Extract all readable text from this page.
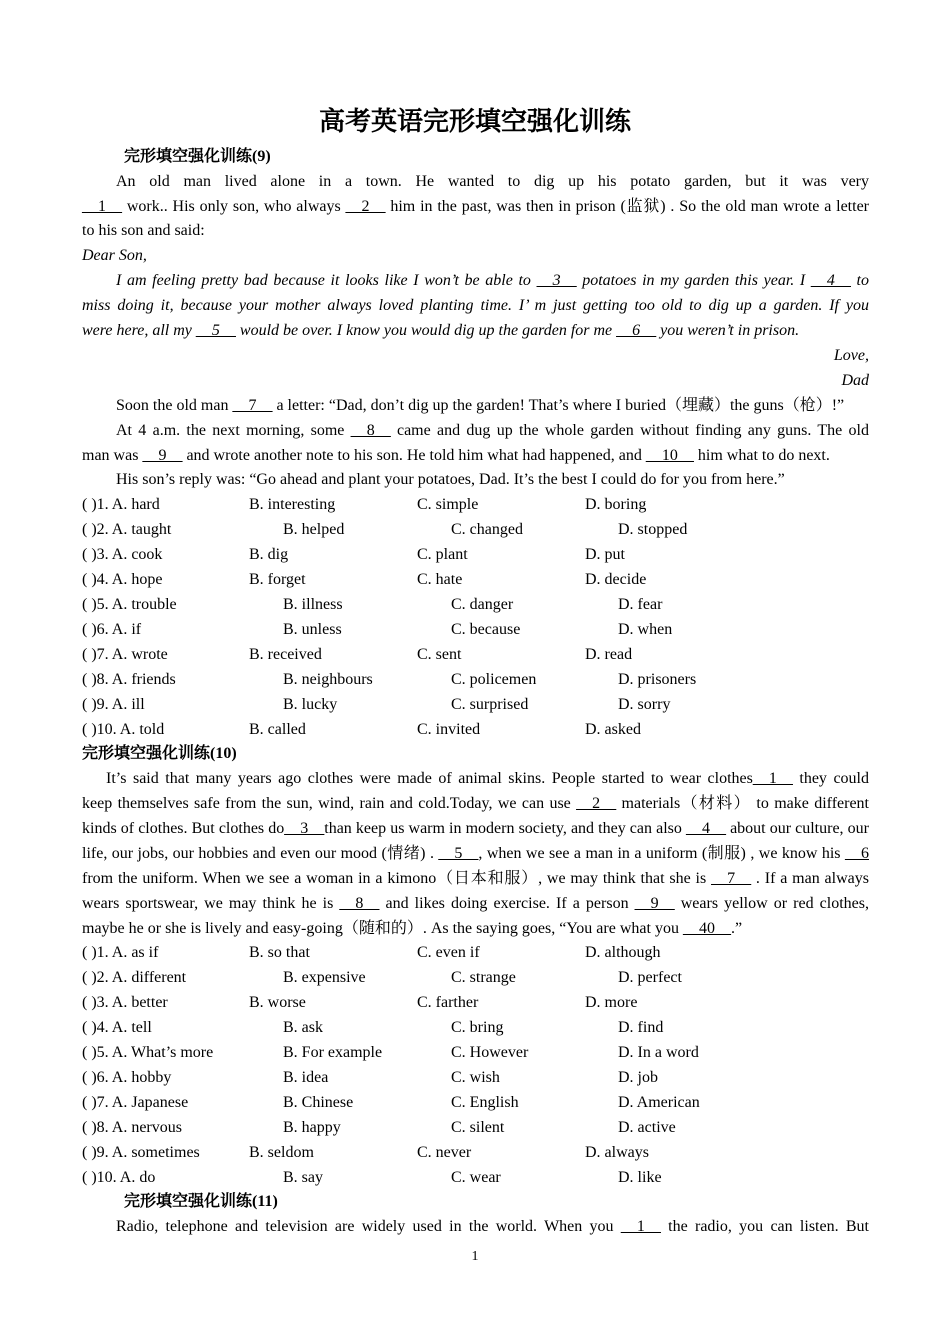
高考英语完形填空强化训练
完形填空强化训练(9)
An old man lived alone in a town. He wanted to dig up his potato garden, but it was very
__1__ work.. His only son, who always __2__ him in the past, was then in prison (监狱) . So the old man wrote a letter
to his son and said:
Dear Son,
I am feeling pretty bad because it looks like I won’t be able to __3__ potatoes in my garden this year. I __4__ to
miss doing it, because your mother always loved planting time. I’ m just getting too old to dig up a garden. If you
were here, all my __5__ would be over. I know you would dig up the garden for me __6__ you weren’t in prison.
Love,
Dad
Soon the old man __7__ a letter: “Dad, don’t dig up the garden! That’s where I buried（埋藏）the guns（枪）!”
At 4 a.m. the next morning, some __8__ came and dug up the whole garden without finding any guns. The old
man was __9__ and wrote another note to his son. He told him what had happened, and __10__ him what to do next.
His son’s reply was: “Go ahead and plant your potatoes, Dad. It’s the best I could do for you from here.”
( )1. A. hard	B. interesting	C. simple	D. boring
( )2. A. taught	B. helped	C. changed	D. stopped
( )3. A. cook	B. dig	C. plant	D. put
( )4. A. hope	B. forget	C. hate	D. decide
( )5. A. trouble	B. illness	C. danger	D. fear
( )6. A. if	B. unless	C. because	D. when
( )7. A. wrote	B. received	C. sent	D. read
( )8. A. friends	B. neighbours	C. policemen	D. prisoners
( )9. A. ill	B. lucky	C. surprised	D. sorry
( )10. A. told	B. called	C. invited	D. asked
完形填空强化训练(10)
It’s said that many years ago clothes were made of animal skins. People started to wear clothes__1__ they could
keep themselves safe from the sun, wind, rain and cold.Today, we can use __2__ materials（材料） to make different
kinds of clothes. But clothes do__3__than keep us warm in modern society, and they can also __4__ about our culture, our
life, our jobs, our hobbies and even our mood (情绪) . __5__, when we see a man in a uniform (制服) , we know his __6
from the uniform. When we see a woman in a kimono（日本和服）, we may think that she is __7__ . If a man always
wears sportswear, we may think he is __8__ and likes doing exercise. If a person __9__ wears yellow or red clothes,
maybe he or she is lively and easy-going（随和的）. As the saying goes, “You are what you __40__.”
( )1. A. as if	B. so that	C. even if	D. although
( )2. A. different	B. expensive	C. strange	D. perfect
( )3. A. better	B. worse	C. farther	D. more
( )4. A. tell	B. ask	C. bring	D. find
( )5. A. What’s more	B. For example	C. However	D. In a word
( )6. A. hobby	B. idea	C. wish	D. job
( )7. A. Japanese	B. Chinese	C. English	D. American
( )8. A. nervous	B. happy	C. silent	D. active
( )9. A. sometimes	B. seldom	C. never	D. always
( )10. A. do	B. say	C. wear	D. like
完形填空强化训练(11)
Radio, telephone and television are widely used in the world. When you __1__ the radio, you can listen. But
1
